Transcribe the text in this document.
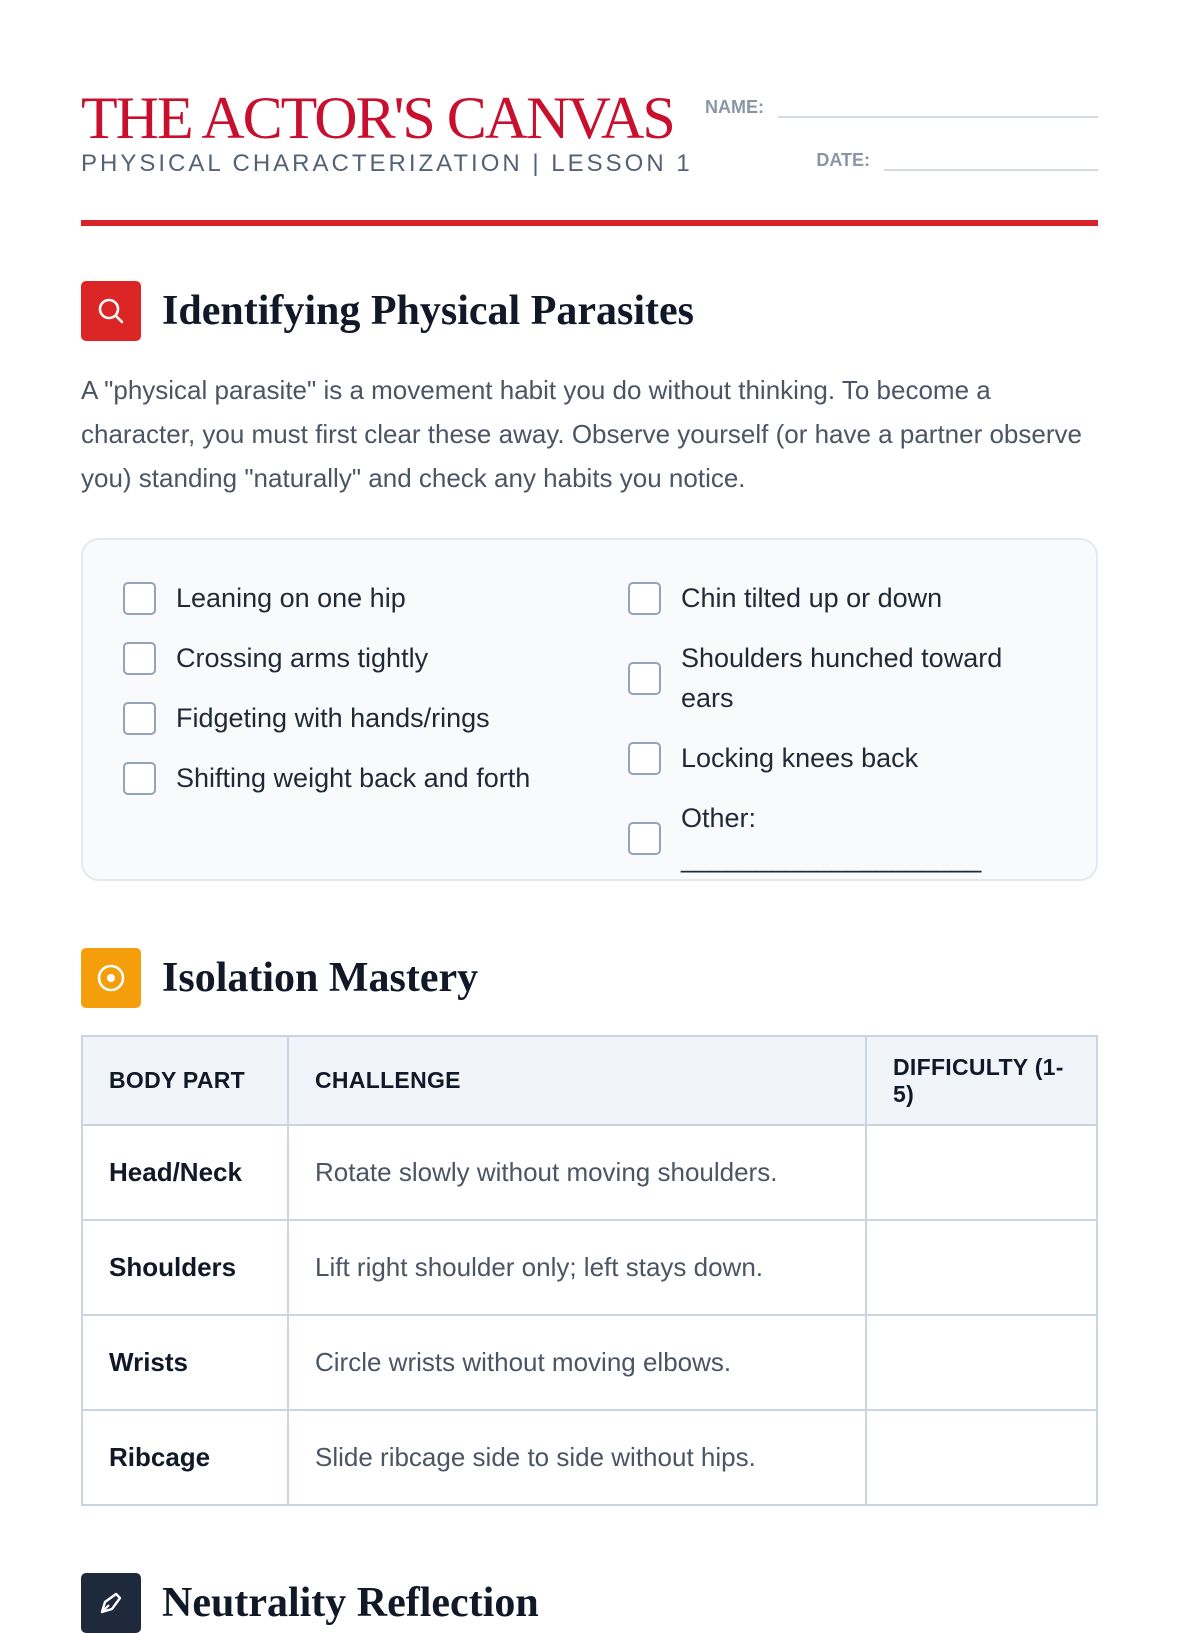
THE ACTOR'S CANVAS
PHYSICAL CHARACTERIZATION | LESSON 1
NAME:
DATE:
Identifying Physical Parasites

A "physical parasite" is a movement habit you do without thinking. To become a character, you must first clear these away. Observe yourself (or have a partner observe you) standing "naturally" and check any habits you notice.

Leaning on one hip
Crossing arms tightly
Fidgeting with hands/rings
Shifting weight back and forth
Chin tilted up or down
Shoulders hunched toward ears
Locking knees back
Other: ____________________
Isolation Mastery
BODY PART	CHALLENGE	DIFFICULTY (1-5)
Head/Neck	Rotate slowly without moving shoulders.	
Shoulders	Lift right shoulder only; left stays down.	
Wrists	Circle wrists without moving elbows.	
Ribcage	Slide ribcage side to side without hips.	
Neutrality Reflection
